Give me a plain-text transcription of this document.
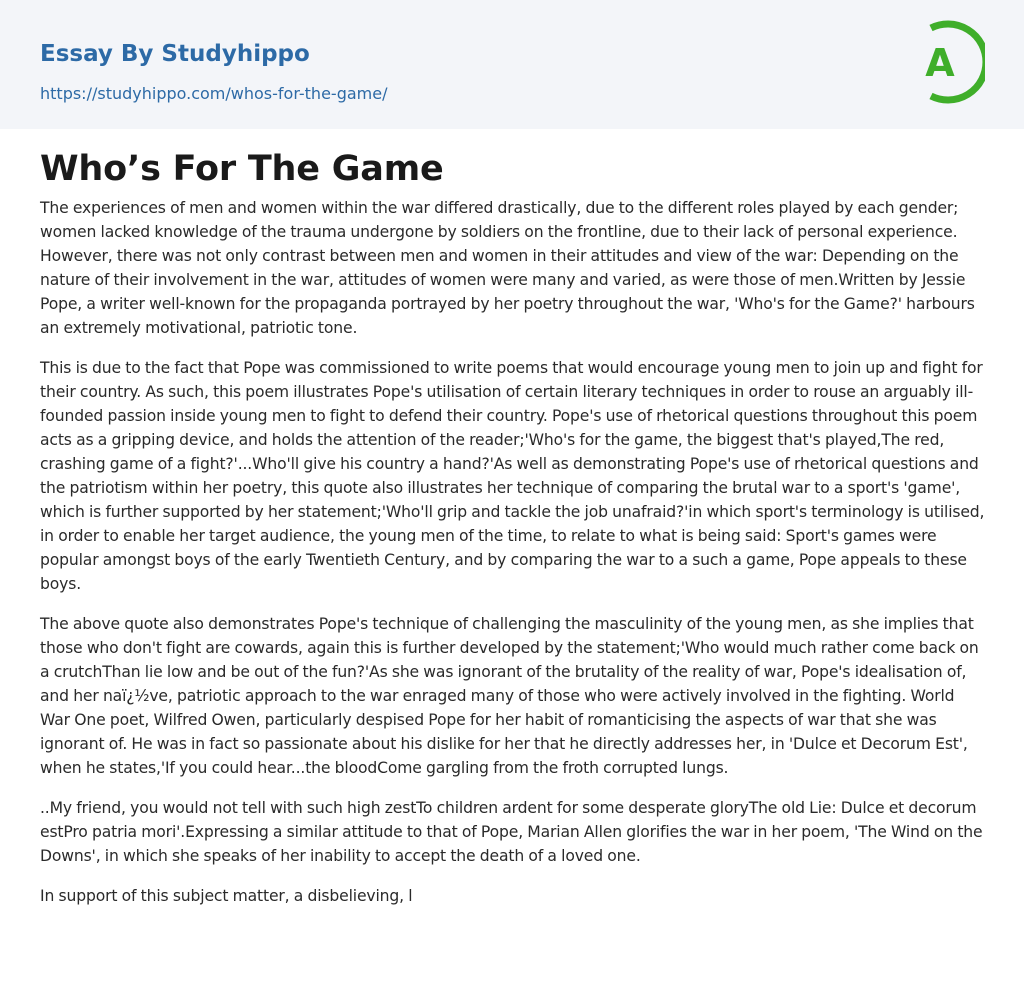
Essay By Studyhippo
https://studyhippo.com/whos-for-the-game/
A
Who’s For The Game

The experiences of men and women within the war differed drastically, due to the different roles played by each gender; women lacked knowledge of the trauma undergone by soldiers on the frontline, due to their lack of personal experience. However, there was not only contrast between men and women in their attitudes and view of the war: Depending on the nature of their involvement in the war, attitudes of women were many and varied, as were those of men.Written by Jessie Pope, a writer well-known for the propaganda portrayed by her poetry throughout the war, 'Who's for the Game?' harbours an extremely motivational, patriotic tone.

This is due to the fact that Pope was commissioned to write poems that would encourage young men to join up and fight for their country. As such, this poem illustrates Pope's utilisation of certain literary techniques in order to rouse an arguably ill-founded passion inside young men to fight to defend their country. Pope's use of rhetorical questions throughout this poem acts as a gripping device, and holds the attention of the reader;'Who's for the game, the biggest that's played,The red, crashing game of a fight?'...Who'll give his country a hand?'As well as demonstrating Pope's use of rhetorical questions and the patriotism within her poetry, this quote also illustrates her technique of comparing the brutal war to a sport's 'game', which is further supported by her statement;'Who'll grip and tackle the job unafraid?'in which sport's terminology is utilised, in order to enable her target audience, the young men of the time, to relate to what is being said: Sport's games were popular amongst boys of the early Twentieth Century, and by comparing the war to a such a game, Pope appeals to these boys.

The above quote also demonstrates Pope's technique of challenging the masculinity of the young men, as she implies that those who don't fight are cowards, again this is further developed by the statement;'Who would much rather come back on a crutchThan lie low and be out of the fun?'As she was ignorant of the brutality of the reality of war, Pope's idealisation of, and her naï¿½ve, patriotic approach to the war enraged many of those who were actively involved in the fighting. World War One poet, Wilfred Owen, particularly despised Pope for her habit of romanticising the aspects of war that she was ignorant of. He was in fact so passionate about his dislike for her that he directly addresses her, in 'Dulce et Decorum Est', when he states,'If you could hear...the bloodCome gargling from the froth corrupted lungs.

..My friend, you would not tell with such high zestTo children ardent for some desperate gloryThe old Lie: Dulce et decorum estPro patria mori'.Expressing a similar attitude to that of Pope, Marian Allen glorifies the war in her poem, 'The Wind on the Downs', in which she speaks of her inability to accept the death of a loved one.

In support of this subject matter, a disbelieving, l
